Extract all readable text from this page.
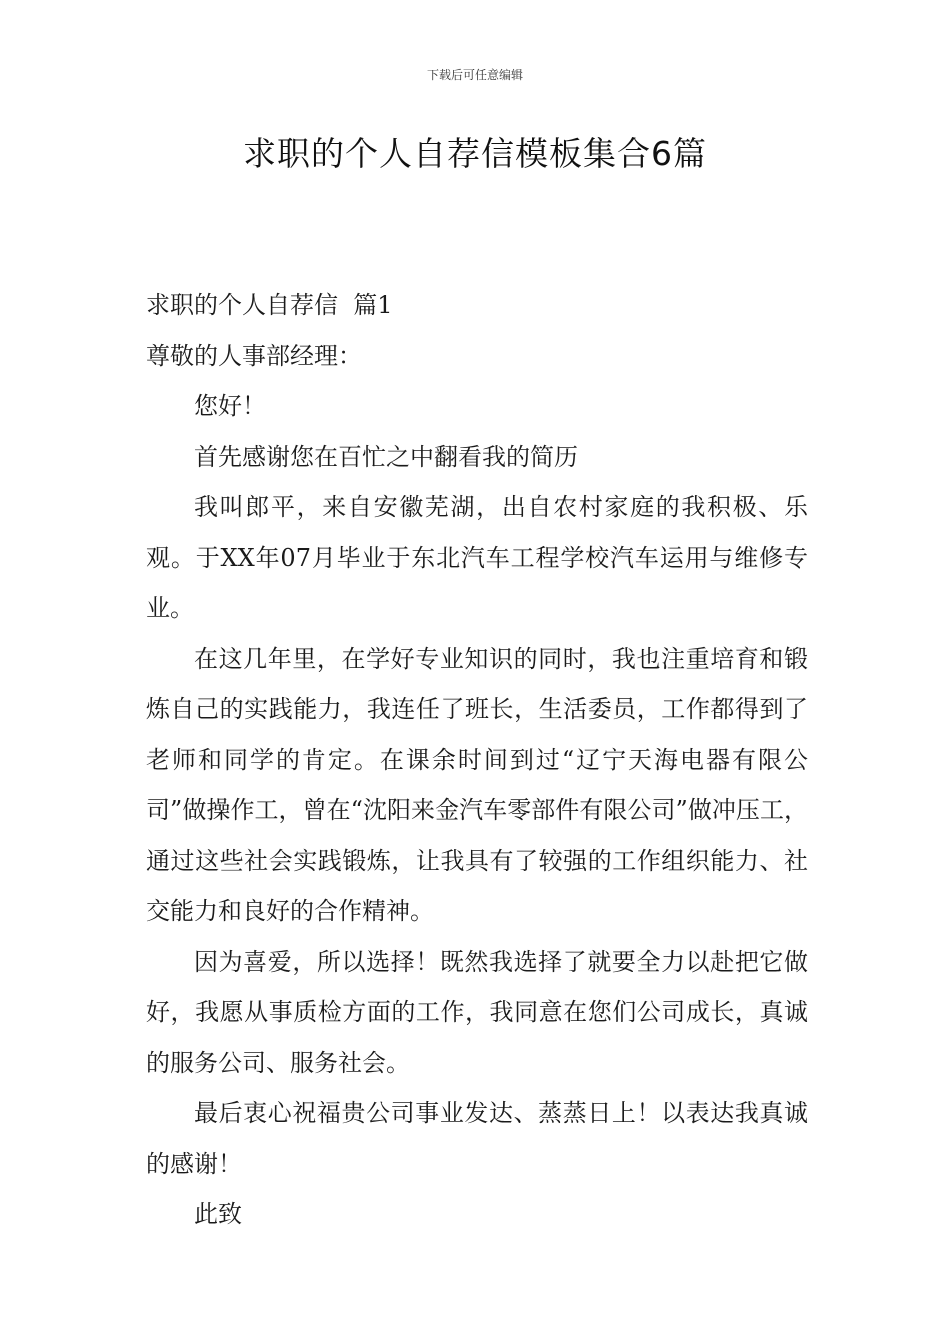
下载后可任意编辑
求职的个人自荐信模板集合6篇

求职的个人自荐信  篇1

尊敬的人事部经理：

您好！

首先感谢您在百忙之中翻看我的简历

我叫郎平，来自安徽芜湖，出自农村家庭的我积极、乐观。于XX年07月毕业于东北汽车工程学校汽车运用与维修专业。

在这几年里，在学好专业知识的同时，我也注重培育和锻炼自己的实践能力，我连任了班长，生活委员，工作都得到了老师和同学的肯定。在课余时间到过“辽宁天海电器有限公司”做操作工，曾在“沈阳来金汽车零部件有限公司”做冲压工，通过这些社会实践锻炼，让我具有了较强的工作组织能力、社交能力和良好的合作精神。

因为喜爱，所以选择！既然我选择了就要全力以赴把它做好，我愿从事质检方面的工作，我同意在您们公司成长，真诚的服务公司、服务社会。

最后衷心祝福贵公司事业发达、蒸蒸日上！以表达我真诚的感谢！

此致
